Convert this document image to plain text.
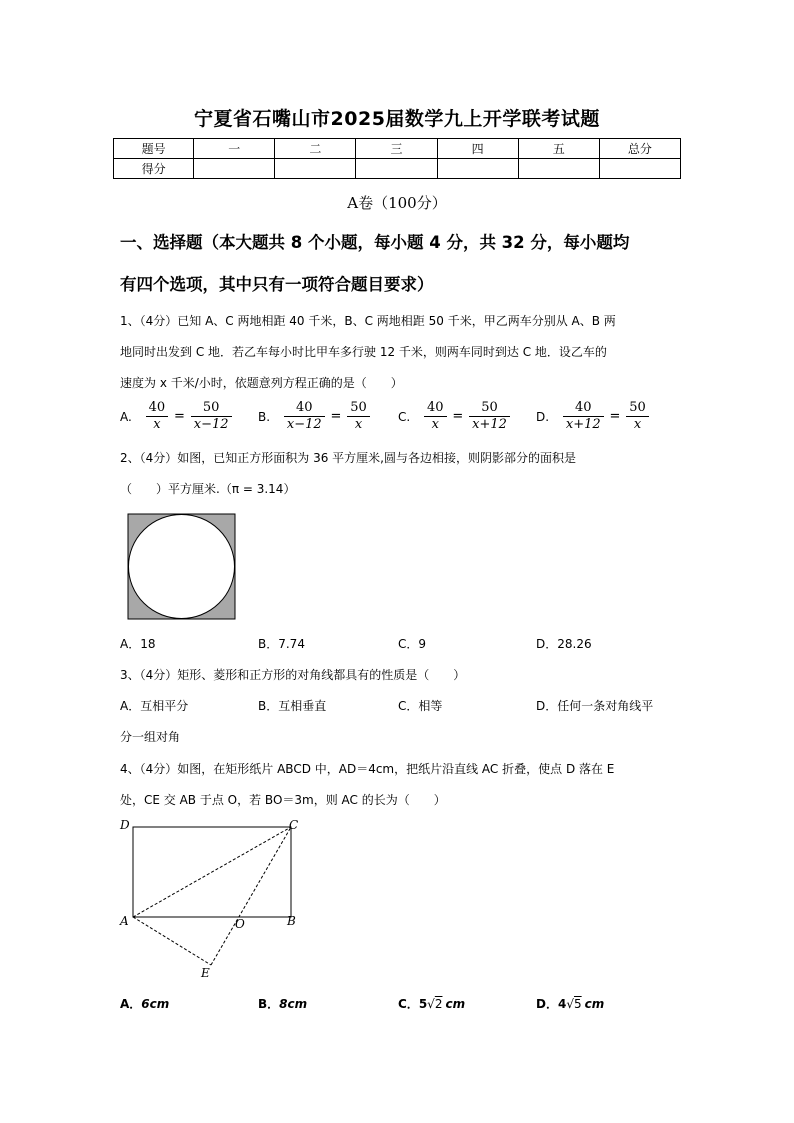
宁夏省石嘴山市2025届数学九上开学联考试题
题号	一	二	三	四	五	总分
得分						
A卷（100分）
一、选择题（本大题共 8 个小题，每小题 4 分，共 32 分，每小题均
有四个选项，其中只有一项符合题目要求）
1、（4分）已知 A、C 两地相距 40 千米，B、C 两地相距 50 千米，甲乙两车分别从 A、B 两
地同时出发到 C 地．若乙车每小时比甲车多行驶 12 千米，则两车同时到达 C 地．设乙车的
速度为 x 千米/小时，依题意列方程正确的是（　　）
A. $\frac{40}{x} = \frac{50}{x-12} B$. $\frac{40}{x-12} = \frac{50}{x} C$. $\frac{40}{x} = \frac{50}{x+12} D$. $\frac{40}{x+12} = \frac{50}{x}$
2、（4分）如图，已知正方形面积为 36 平方厘米,圆与各边相接，则阴影部分的面积是
（　　）平方厘米.（π = 3.14）
A．18	B．7.74	C．9	D．28.26
3、（4分）矩形、菱形和正方形的对角线都具有的性质是（　　）
A．互相平分	B．互相垂直	C．相等	D．任何一条对角线平
分一组对角
4、（4分）如图，在矩形纸片 ABCD 中，AD＝4cm，把纸片沿直线 AC 折叠，使点 D 落在 E
处，CE 交 AB 于点 O，若 BO＝3m，则 AC 的长为（　　）
D	C
A	O	B
E
A．6cm	B．8cm	C．5√2 cm	D．4√5 cm
